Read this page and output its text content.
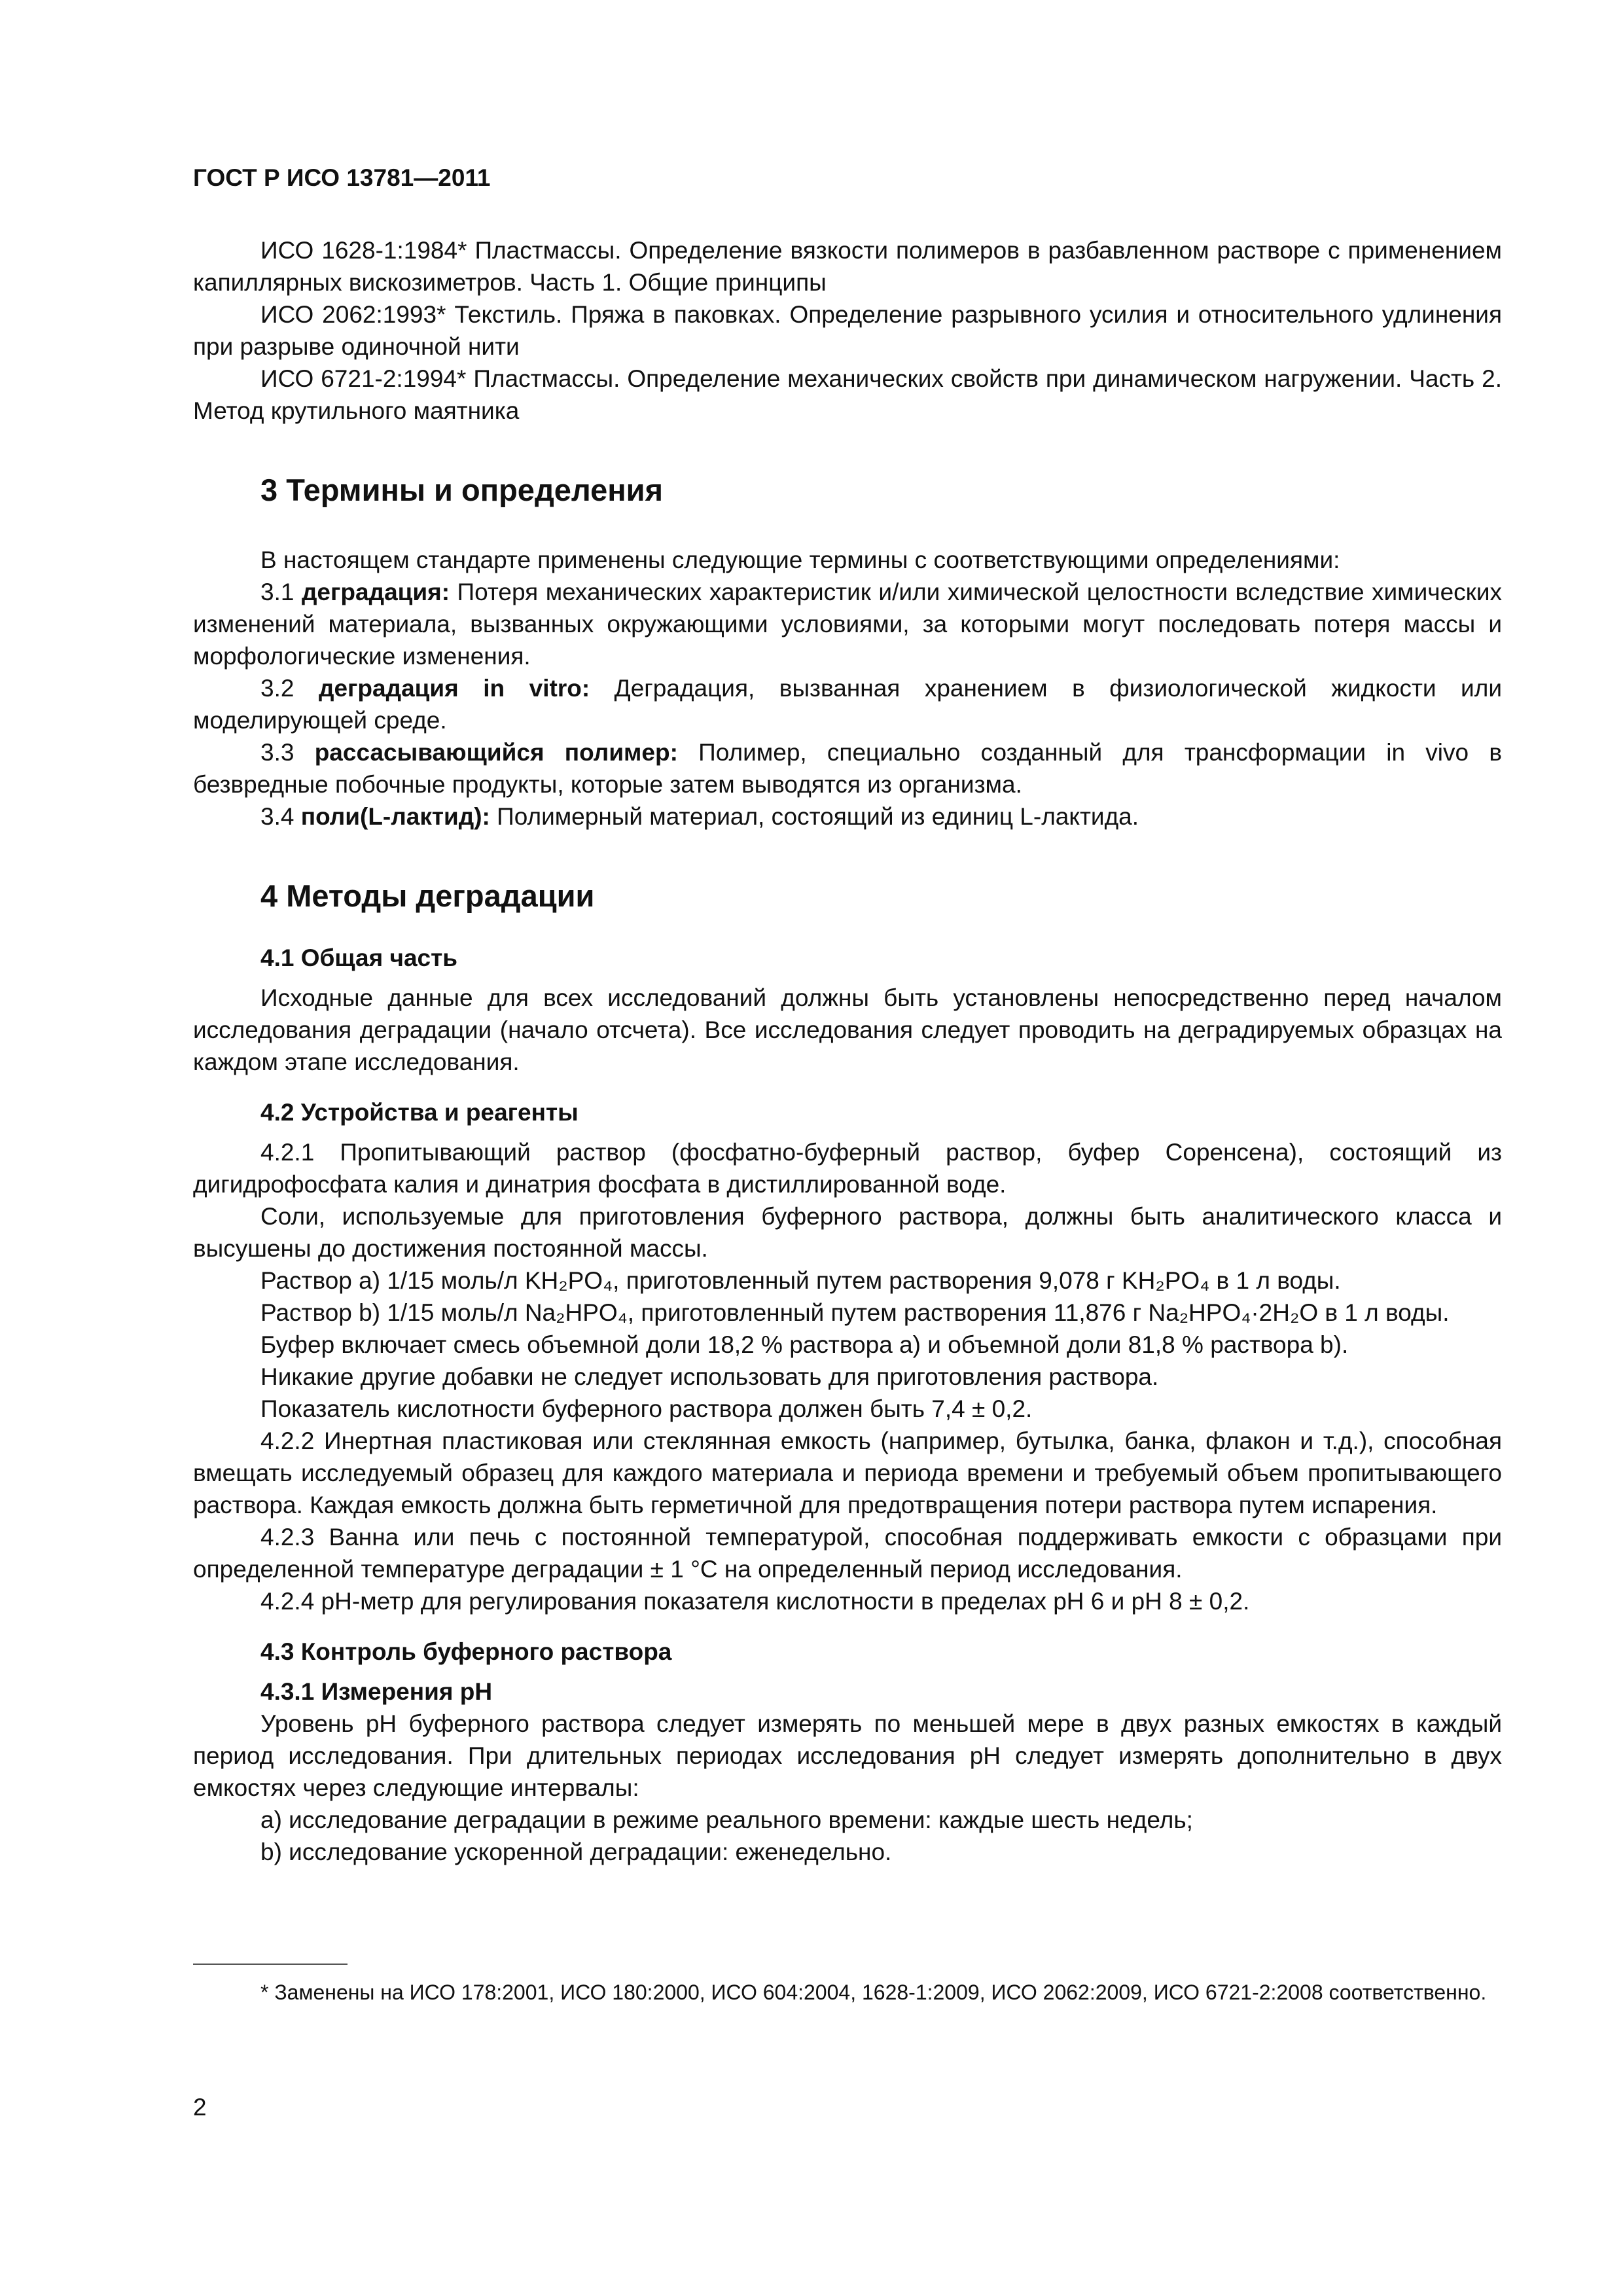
ГОСТ Р ИСО 13781—2011

ИСО 1628-1:1984* Пластмассы. Определение вязкости полимеров в разбавленном растворе с применением капиллярных вискозиметров. Часть 1. Общие принципы

ИСО 2062:1993* Текстиль. Пряжа в паковках. Определение разрывного усилия и относительного удлинения при разрыве одиночной нити

ИСО 6721-2:1994* Пластмассы. Определение механических свойств при динамическом нагружении. Часть 2. Метод крутильного маятника

3 Термины и определения

В настоящем стандарте применены следующие термины с соответствующими определениями:

3.1 деградация: Потеря механических характеристик и/или химической целостности вследствие химических изменений материала, вызванных окружающими условиями, за которыми могут последовать потеря массы и морфологические изменения.

3.2 деградация in vitro: Деградация, вызванная хранением в физиологической жидкости или моделирующей среде.

3.3 рассасывающийся полимер: Полимер, специально созданный для трансформации in vivo в безвредные побочные продукты, которые затем выводятся из организма.

3.4 поли(L-лактид): Полимерный материал, состоящий из единиц L-лактида.

4 Методы деградации
4.1 Общая часть

Исходные данные для всех исследований должны быть установлены непосредственно перед началом исследования деградации (начало отсчета). Все исследования следует проводить на деградируемых образцах на каждом этапе исследования.

4.2 Устройства и реагенты

4.2.1 Пропитывающий раствор (фосфатно-буферный раствор, буфер Соренсена), состоящий из дигидрофосфата калия и динатрия фосфата в дистиллированной воде.

Соли, используемые для приготовления буферного раствора, должны быть аналитического класса и высушены до достижения постоянной массы.

Раствор a) 1/15 моль/л KH₂PO₄, приготовленный путем растворения 9,078 г KH₂PO₄ в 1 л воды.

Раствор b) 1/15 моль/л Na₂HPO₄, приготовленный путем растворения 11,876 г Na₂HPO₄·2H₂O в 1 л воды.

Буфер включает смесь объемной доли 18,2 % раствора a) и объемной доли 81,8 % раствора b).

Никакие другие добавки не следует использовать для приготовления раствора.

Показатель кислотности буферного раствора должен быть 7,4 ± 0,2.

4.2.2 Инертная пластиковая или стеклянная емкость (например, бутылка, банка, флакон и т.д.), способная вмещать исследуемый образец для каждого материала и периода времени и требуемый объем пропитывающего раствора. Каждая емкость должна быть герметичной для предотвращения потери раствора путем испарения.

4.2.3 Ванна или печь с постоянной температурой, способная поддерживать емкости с образцами при определенной температуре деградации ± 1 °С на определенный период исследования.

4.2.4 pH-метр для регулирования показателя кислотности в пределах pH 6 и pH 8 ± 0,2.

4.3 Контроль буферного раствора
4.3.1 Измерения pH

Уровень pH буферного раствора следует измерять по меньшей мере в двух разных емкостях в каждый период исследования. При длительных периодах исследования pH следует измерять дополнительно в двух емкостях через следующие интервалы:

a) исследование деградации в режиме реального времени: каждые шесть недель;

b) исследование ускоренной деградации: еженедельно.

* Заменены на ИСО 178:2001, ИСО 180:2000, ИСО 604:2004, 1628-1:2009, ИСО 2062:2009, ИСО 6721-2:2008 соответственно.
2
